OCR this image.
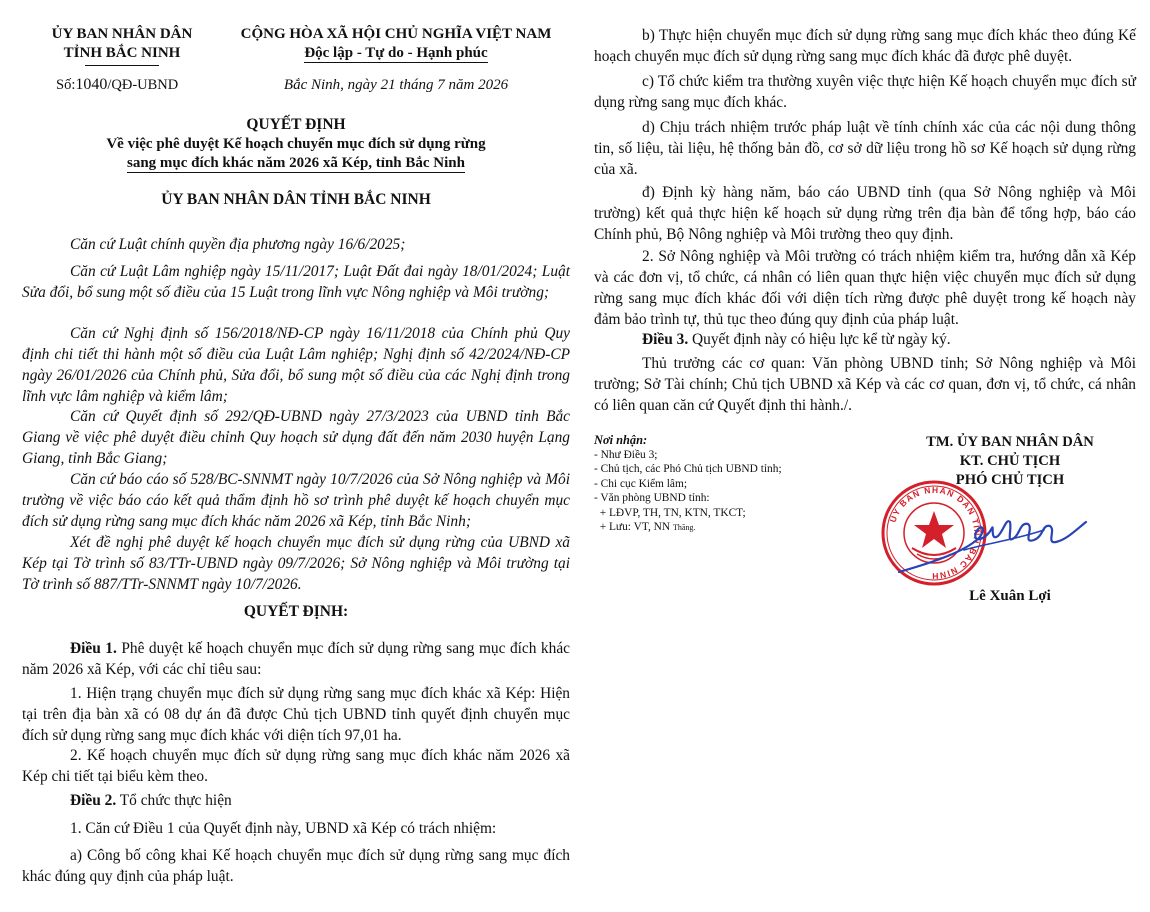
ỦY BAN NHÂN DÂN
TỈNH BẮC NINH
Số:1040/QĐ-UBND
CỘNG HÒA XÃ HỘI CHỦ NGHĨA VIỆT NAM
Độc lập - Tự do - Hạnh phúc
Bắc Ninh, ngày 21 tháng 7 năm 2026
QUYẾT ĐỊNH
Về việc phê duyệt Kế hoạch chuyển mục đích sử dụng rừng
sang mục đích khác năm 2026 xã Kép, tỉnh Bắc Ninh
ỦY BAN NHÂN DÂN TỈNH BẮC NINH
Căn cứ Luật chính quyền địa phương ngày 16/6/2025;
Căn cứ Luật Lâm nghiệp ngày 15/11/2017; Luật Đất đai ngày 18/01/2024; Luật Sửa đổi, bổ sung một số điều của 15 Luật trong lĩnh vực Nông nghiệp và Môi trường;
Căn cứ Nghị định số 156/2018/NĐ-CP ngày 16/11/2018 của Chính phủ Quy định chi tiết thi hành một số điều của Luật Lâm nghiệp; Nghị định số 42/2024/NĐ-CP ngày 26/01/2026 của Chính phủ, Sửa đổi, bổ sung một số điều của các Nghị định trong lĩnh vực lâm nghiệp và kiểm lâm;
Căn cứ Quyết định số 292/QĐ-UBND ngày 27/3/2023 của UBND tỉnh Bắc Giang về việc phê duyệt điều chỉnh Quy hoạch sử dụng đất đến năm 2030 huyện Lạng Giang, tỉnh Bắc Giang;
Căn cứ báo cáo số 528/BC-SNNMT ngày 10/7/2026 của Sở Nông nghiệp và Môi trường về việc báo cáo kết quả thẩm định hồ sơ trình phê duyệt kế hoạch chuyển mục đích sử dụng rừng sang mục đích khác năm 2026 xã Kép, tỉnh Bắc Ninh;
Xét đề nghị phê duyệt kế hoạch chuyển mục đích sử dụng rừng của UBND xã Kép tại Tờ trình số 83/TTr-UBND ngày 09/7/2026; Sở Nông nghiệp và Môi trường tại Tờ trình số 887/TTr-SNNMT ngày 10/7/2026.
QUYẾT ĐỊNH:
Điều 1. Phê duyệt kế hoạch chuyển mục đích sử dụng rừng sang mục đích khác năm 2026 xã Kép, với các chỉ tiêu sau:
1. Hiện trạng chuyển mục đích sử dụng rừng sang mục đích khác xã Kép: Hiện tại trên địa bàn xã có 08 dự án đã được Chủ tịch UBND tỉnh quyết định chuyển mục đích sử dụng rừng sang mục đích khác với diện tích 97,01 ha.
2. Kế hoạch chuyển mục đích sử dụng rừng sang mục đích khác năm 2026 xã Kép chi tiết tại biểu kèm theo.
Điều 2. Tổ chức thực hiện
1. Căn cứ Điều 1 của Quyết định này, UBND xã Kép có trách nhiệm:
a) Công bố công khai Kế hoạch chuyển mục đích sử dụng rừng sang mục đích khác đúng quy định của pháp luật.
b) Thực hiện chuyển mục đích sử dụng rừng sang mục đích khác theo đúng Kế hoạch chuyển mục đích sử dụng rừng sang mục đích khác đã được phê duyệt.
c) Tổ chức kiểm tra thường xuyên việc thực hiện Kế hoạch chuyển mục đích sử dụng rừng sang mục đích khác.
d) Chịu trách nhiệm trước pháp luật về tính chính xác của các nội dung thông tin, số liệu, tài liệu, hệ thống bản đồ, cơ sở dữ liệu trong hồ sơ Kế hoạch sử dụng rừng của xã.
đ) Định kỳ hàng năm, báo cáo UBND tỉnh (qua Sở Nông nghiệp và Môi trường) kết quả thực hiện kế hoạch sử dụng rừng trên địa bàn để tổng hợp, báo cáo Chính phủ, Bộ Nông nghiệp và Môi trường theo quy định.
2. Sở Nông nghiệp và Môi trường có trách nhiệm kiểm tra, hướng dẫn xã Kép và các đơn vị, tổ chức, cá nhân có liên quan thực hiện việc chuyển mục đích sử dụng rừng sang mục đích khác đối với diện tích rừng được phê duyệt trong kế hoạch này đảm bảo trình tự, thủ tục theo đúng quy định của pháp luật.
Điều 3. Quyết định này có hiệu lực kể từ ngày ký.
Thủ trưởng các cơ quan: Văn phòng UBND tỉnh; Sở Nông nghiệp và Môi trường; Sở Tài chính; Chủ tịch UBND xã Kép và các cơ quan, đơn vị, tổ chức, cá nhân có liên quan căn cứ Quyết định thi hành./.
Nơi nhận:
- Như Điều 3;
- Chủ tịch, các Phó Chủ tịch UBND tỉnh;
- Chi cục Kiểm lâm;
- Văn phòng UBND tỉnh:
+ LĐVP, TH, TN, KTN, TKCT;
+ Lưu: VT, NN Thăng.
TM. ỦY BAN NHÂN DÂN
KT. CHỦ TỊCH
PHÓ CHỦ TỊCH
ỦY BAN NHÂN DÂN TỈNH BẮC NINH
Lê Xuân Lợi
